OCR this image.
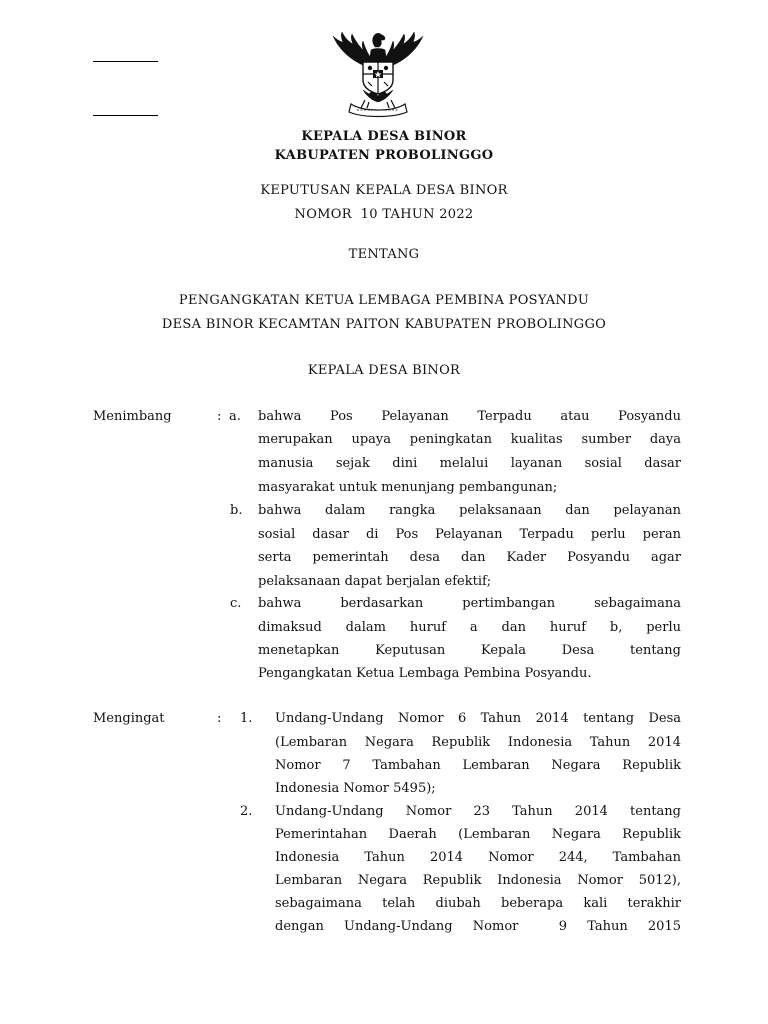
KEPALA DESA BINOR
KABUPATEN PROBOLINGGO
KEPUTUSAN KEPALA DESA BINOR
NOMOR  10 TAHUN 2022
TENTANG
PENGANGKATAN KETUA LEMBAGA PEMBINA POSYANDU
DESA BINOR KECAMTAN PAITON KABUPATEN PROBOLINGGO
KEPALA DESA BINOR
Menimbang	: a. bahwa Pos Pelayanan Terpadu atau Posyandu
merupakan upaya peningkatan kualitas sumber daya
manusia sejak dini melalui layanan sosial dasar
masyarakat untuk menunjang pembangunan;
b. bahwa dalam rangka pelaksanaan dan pelayanan
sosial dasar di Pos Pelayanan Terpadu perlu peran
serta pemerintah desa dan Kader Posyandu agar
pelaksanaan dapat berjalan efektif;
c. bahwa berdasarkan pertimbangan sebagaimana
dimaksud dalam huruf a dan huruf b, perlu
menetapkan Keputusan Kepala Desa tentang
Pengangkatan Ketua Lembaga Pembina Posyandu.
Mengingat	: 1. Undang-Undang Nomor 6 Tahun 2014 tentang Desa
(Lembaran Negara Republik Indonesia Tahun 2014
Nomor 7 Tambahan Lembaran Negara Republik
Indonesia Nomor 5495);
2. Undang-Undang Nomor 23 Tahun 2014 tentang
Pemerintahan Daerah (Lembaran Negara Republik
Indonesia Tahun 2014 Nomor 244, Tambahan
Lembaran Negara Republik Indonesia Nomor 5012),
sebagaimana telah diubah beberapa kali terakhir
dengan Undang-Undang Nomor  9 Tahun 2015
